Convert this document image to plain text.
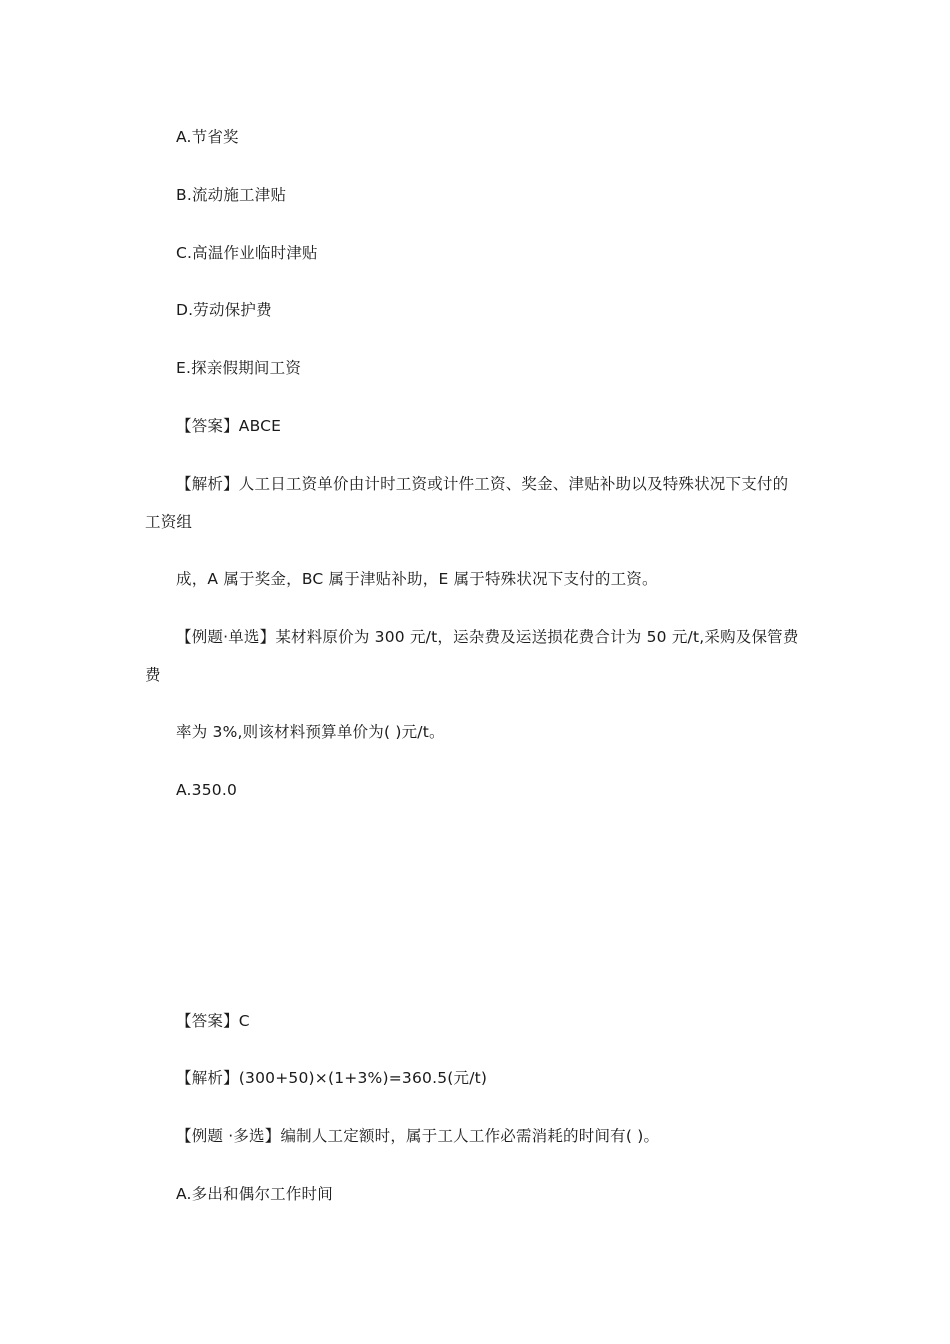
A.节省奖
B.流动施工津贴
C.高温作业临时津贴
D.劳动保护费
E.探亲假期间工资
【答案】ABCE
【解析】人工日工资单价由计时工资或计件工资、奖金、津贴补助以及特殊状况下支付的
工资组
成，A 属于奖金，BC 属于津贴补助，E 属于特殊状况下支付的工资。
【例题·单选】某材料原价为 300 元/t，运杂费及运送损花费合计为 50 元/t,采购及保管费
费
率为 3%,则该材料预算单价为( )元/t。
A.350.0
【答案】C
【解析】(300+50)×(1+3%)=360.5(元/t)
【例题 ·多选】编制人工定额时，属于工人工作必需消耗的时间有( )。
A.多出和偶尔工作时间
